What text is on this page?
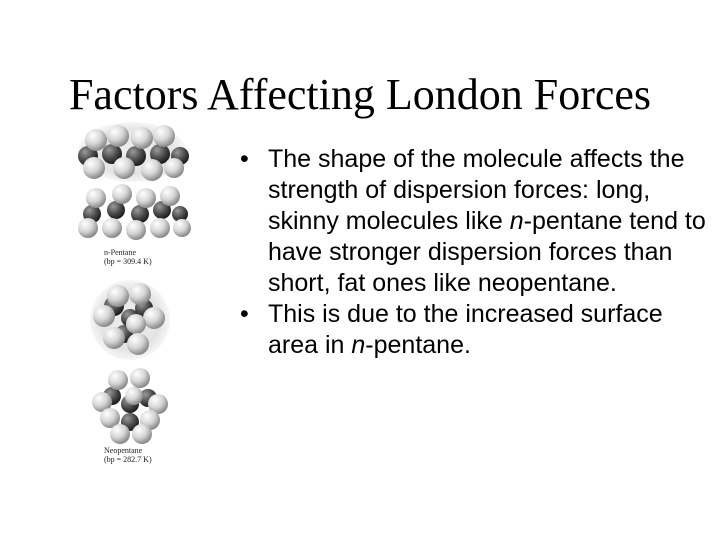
Factors Affecting London Forces
n-Pentane
(bp = 309.4 K)
Neopentane
(bp = 282.7 K)
• The shape of the molecule affects the strength of dispersion forces: long, skinny molecules like n-pentane tend to have stronger dispersion forces than short, fat ones like neopentane.
• This is due to the increased surface area in n-pentane.
